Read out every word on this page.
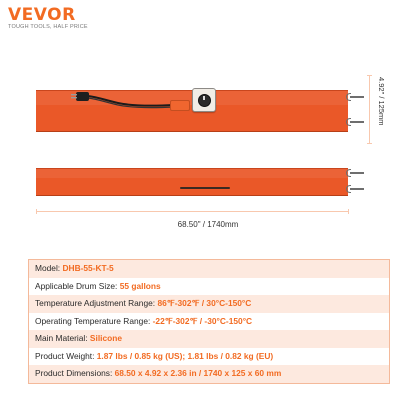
VEVOR
TOUGH TOOLS, HALF PRICE
4.92" / 125mm
68.50" / 1740mm
Model: DHB-55-KT-5
Applicable Drum Size: 55 gallons
Temperature Adjustment Range: 86℉-302℉ / 30°C-150°C
Operating Temperature Range: -22℉-302℉ / -30°C-150°C
Main Material: Silicone
Product Weight: 1.87 lbs / 0.85 kg (US); 1.81 lbs / 0.82 kg (EU)
Product Dimensions: 68.50 x 4.92 x 2.36 in / 1740 x 125 x 60 mm
